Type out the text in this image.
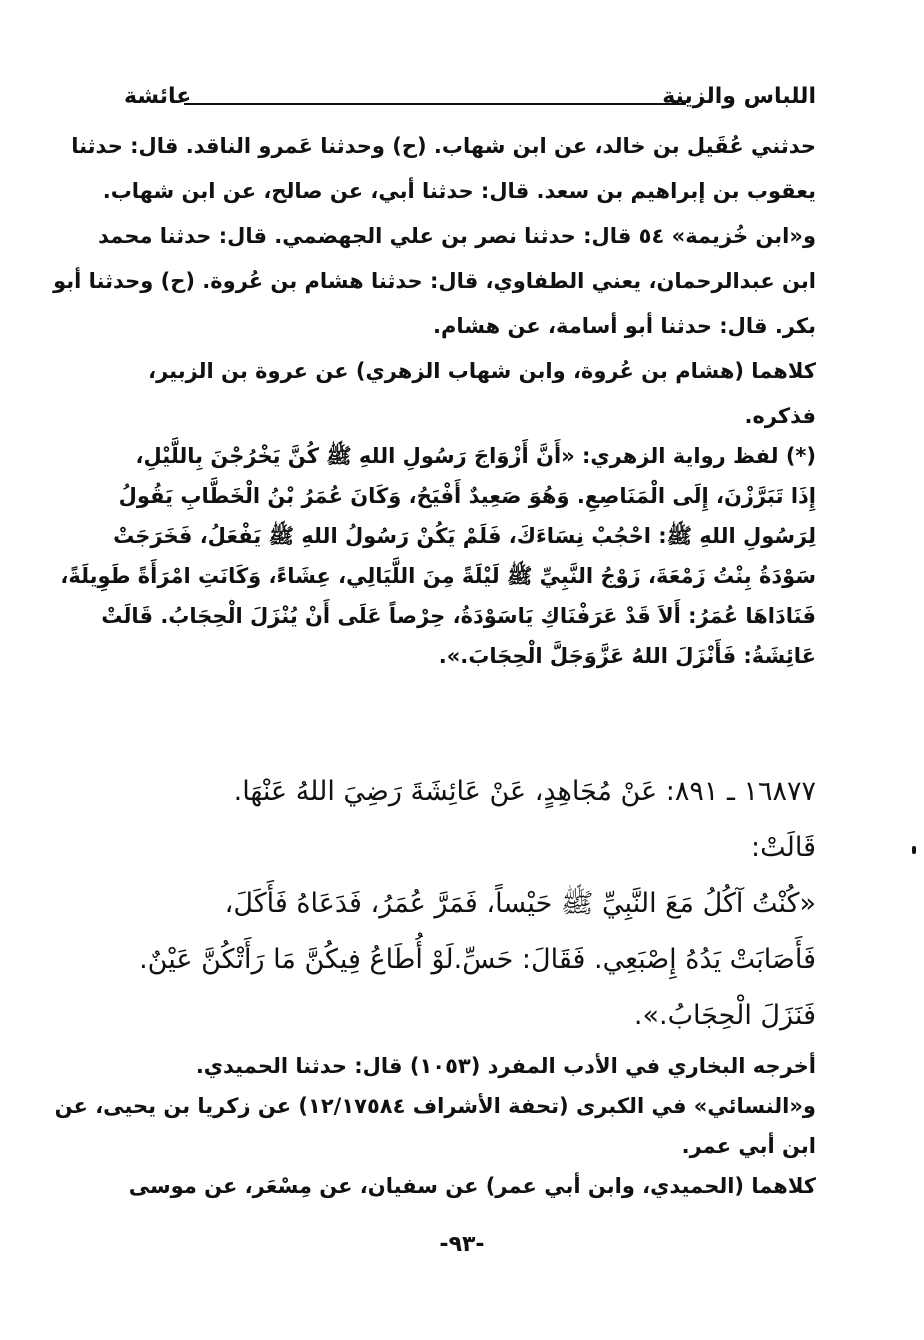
اللباس والزينة
عائشة
حدثني عُقَيل بن خالد، عن ابن شهاب. (ح) وحدثنا عَمرو الناقد. قال: حدثنا
يعقوب بن إبراهيم بن سعد. قال: حدثنا أبي، عن صالح، عن ابن شهاب.
و«ابن خُزيمة» ٥٤ قال: حدثنا نصر بن علي الجهضمي. قال: حدثنا محمد
ابن عبدالرحمان، يعني الطفاوي، قال: حدثنا هشام بن عُروة. (ح) وحدثنا أبو
بكر. قال: حدثنا أبو أسامة، عن هشام.
كلاهما (هشام بن عُروة، وابن شهاب الزهري) عن عروة بن الزبير،
فذكره.
(*) لفظ رواية الزهري: «أَنَّ أَزْوَاجَ رَسُولِ اللهِ ﷺ كُنَّ يَخْرُجْنَ بِاللَّيْلِ،
إِذَا تَبَرَّزْنَ، إِلَى الْمَنَاصِعِ. وَهُوَ صَعِيدٌ أَفْيَحُ، وَكَانَ عُمَرُ بْنُ الْخَطَّابِ يَقُولُ
لِرَسُولِ اللهِ ﷺ: احْجُبْ نِسَاءَكَ، فَلَمْ يَكُنْ رَسُولُ اللهِ ﷺ يَفْعَلُ، فَخَرَجَتْ
سَوْدَةُ بِنْتُ زَمْعَةَ، زَوْجُ النَّبِيِّ ﷺ لَيْلَةً مِنَ اللَّيَالِي، عِشَاءً، وَكَانَتِ امْرَأَةً طَوِيلَةً،
فَنَادَاهَا عُمَرُ: أَلاَ قَدْ عَرَفْنَاكِ يَاسَوْدَةُ، حِرْصاً عَلَى أَنْ يُنْزَلَ الْحِجَابُ. قَالَتْ
عَائِشَةُ: فَأَنْزَلَ اللهُ عَزَّوَجَلَّ الْحِجَابَ.».
١٦٨٧٧ ـ ٨٩١: عَنْ مُجَاهِدٍ، عَنْ عَائِشَةَ رَضِيَ اللهُ عَنْهَا.
قَالَتْ:
«كُنْتُ آكُلُ مَعَ النَّبِيِّ ﷺ حَيْساً، فَمَرَّ عُمَرُ، فَدَعَاهُ فَأَكَلَ،
فَأَصَابَتْ يَدُهُ إِصْبَعِي. فَقَالَ: حَسِّ.لَوْ أُطَاعُ فِيكُنَّ مَا رَأَتْكُنَّ عَيْنٌ.
فَنَزَلَ الْحِجَابُ.».
أخرجه البخاري في الأدب المفرد (١٠٥٣) قال: حدثنا الحميدي.
و«النسائي» في الكبرى (تحفة الأشراف ١٢/١٧٥٨٤) عن زكريا بن يحيى، عن
ابن أبي عمر.
كلاهما (الحميدي، وابن أبي عمر) عن سفيان، عن مِسْعَر، عن موسى
-٩٣-
